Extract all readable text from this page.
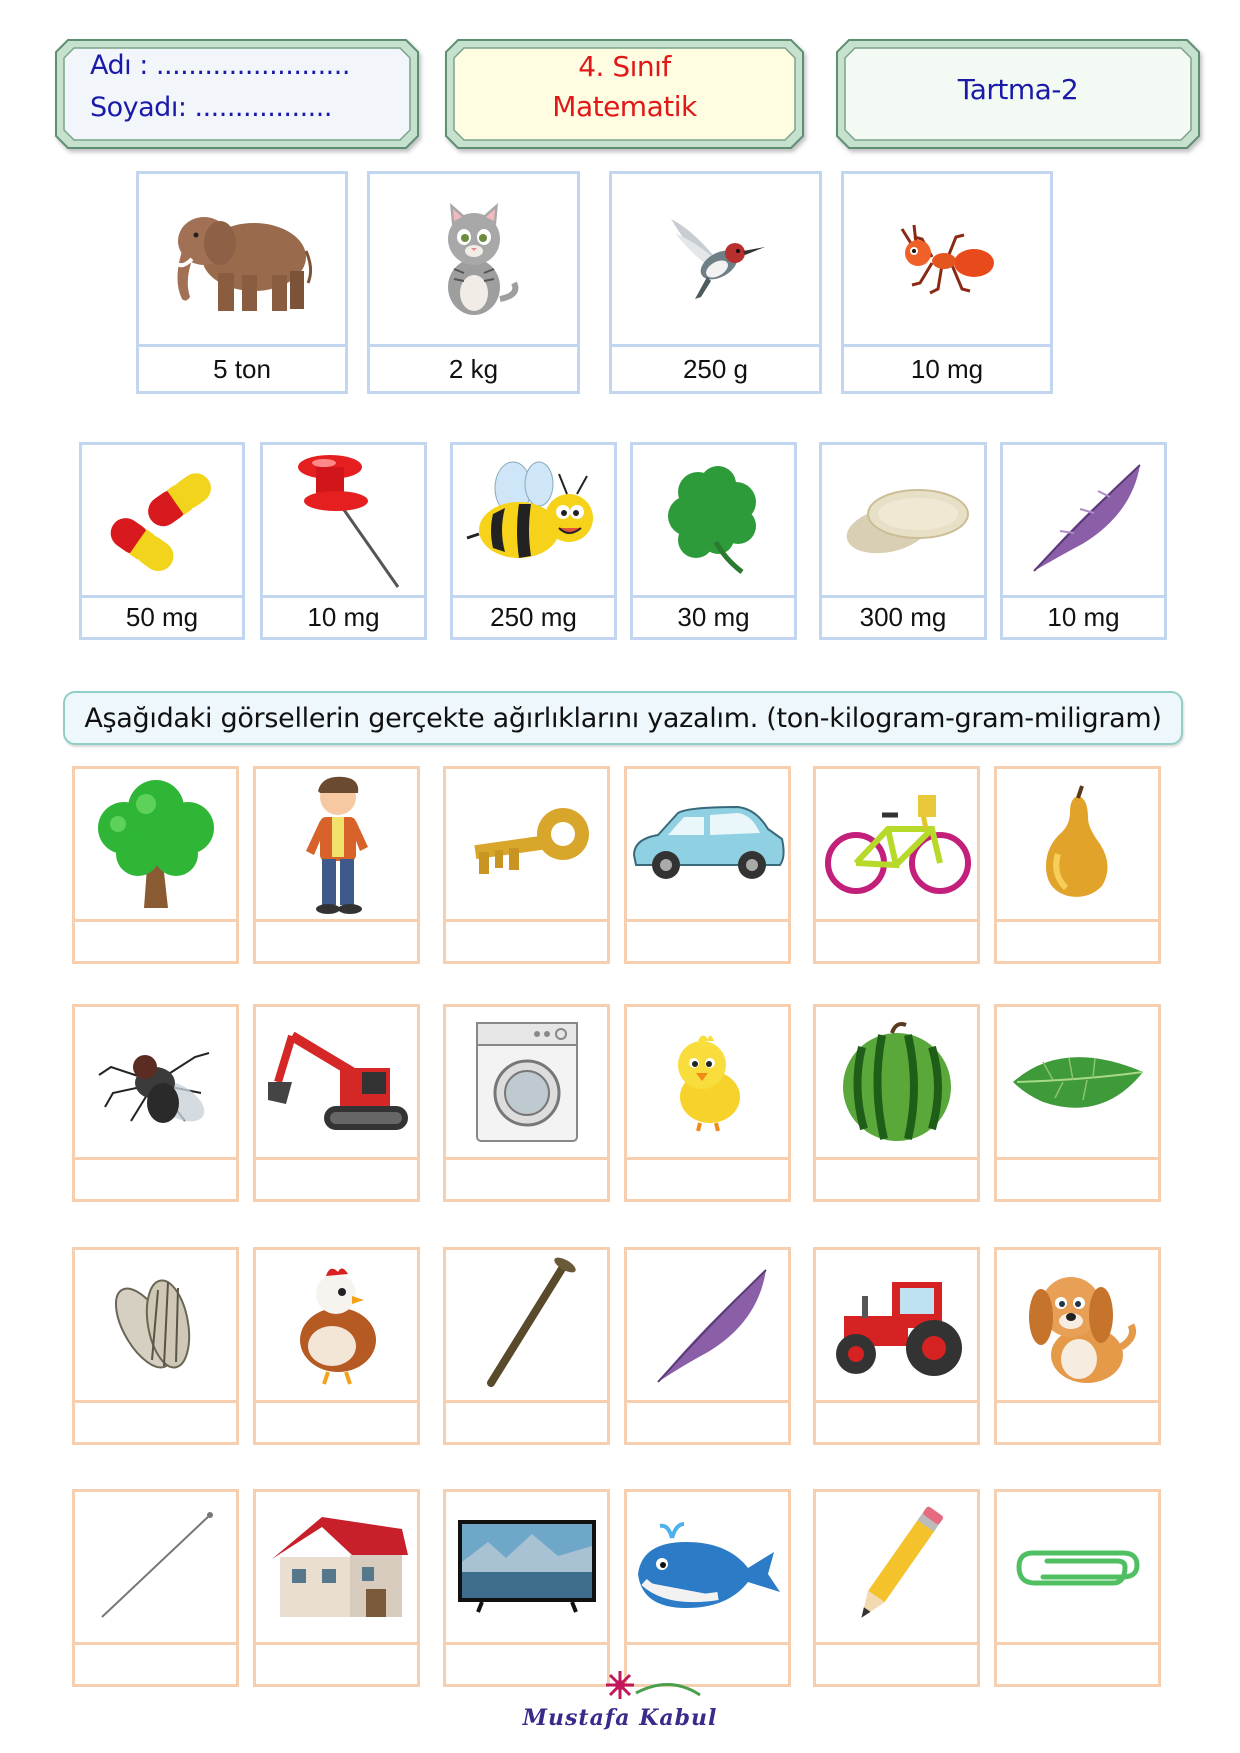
Adı : ........................
Soyadı: .................
4. Sınıf
Matematik
Tartma-2
5 ton	2 kg	250 g	10 mg
50 mg	10 mg	250 mg	30 mg	300 mg	10 mg
Aşağıdaki görsellerin gerçekte ağırlıklarını yazalım. (ton-kilogram-gram-miligram)
Mustafa Kabul
